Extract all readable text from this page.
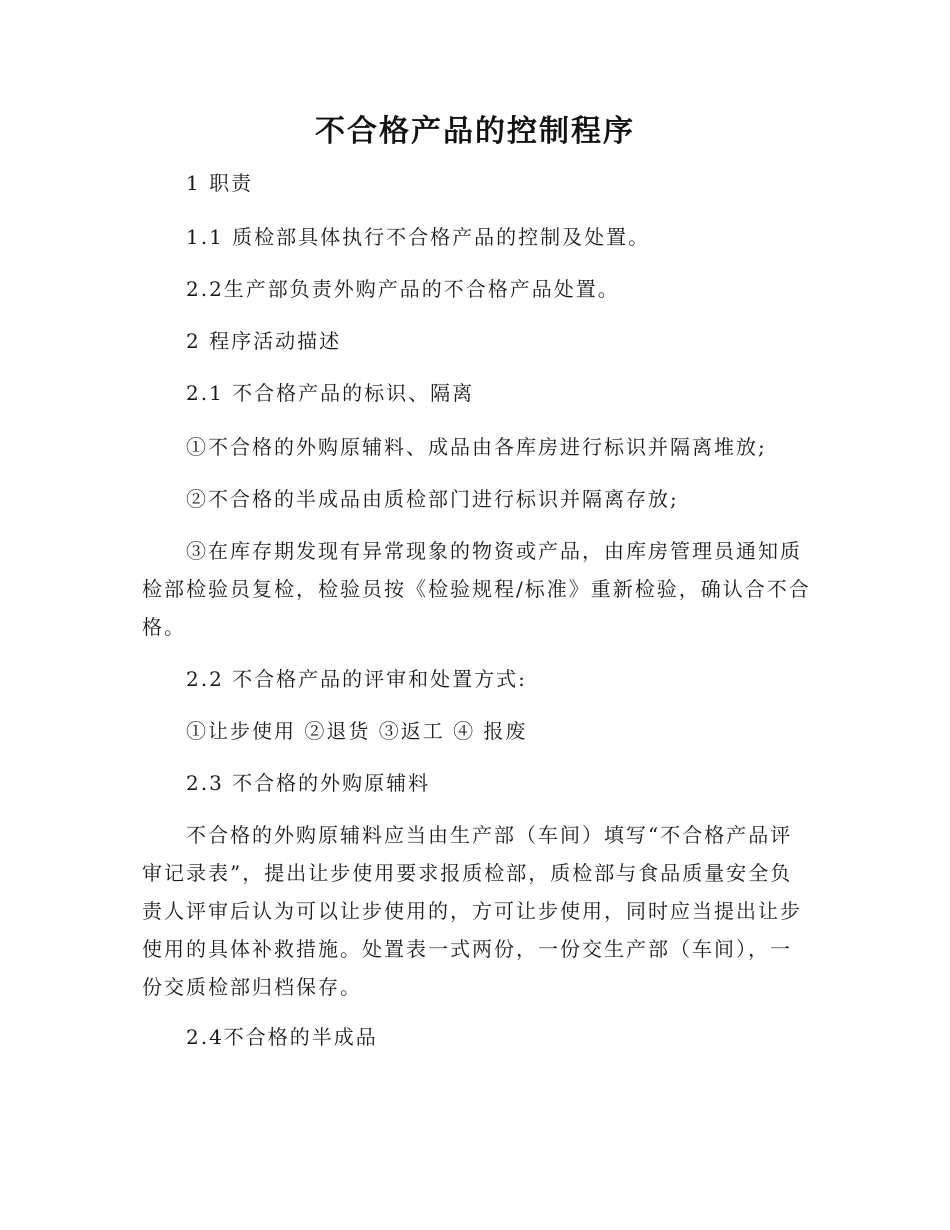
不合格产品的控制程序

1 职责

1.1 质检部具体执行不合格产品的控制及处置。

2.2生产部负责外购产品的不合格产品处置。

2 程序活动描述

2.1 不合格产品的标识、隔离

①不合格的外购原辅料、成品由各库房进行标识并隔离堆放;

②不合格的半成品由质检部门进行标识并隔离存放;

③在库存期发现有异常现象的物资或产品，由库房管理员通知质

检部检验员复检，检验员按《检验规程/标准》重新检验，确认合不合

格。

2.2 不合格产品的评审和处置方式:

①让步使用 ②退货 ③返工 ④ 报废

2.3 不合格的外购原辅料

不合格的外购原辅料应当由生产部（车间）填写“不合格产品评

审记录表”，提出让步使用要求报质检部，质检部与食品质量安全负

责人评审后认为可以让步使用的，方可让步使用，同时应当提出让步

使用的具体补救措施。处置表一式两份，一份交生产部（车间），一

份交质检部归档保存。

2.4不合格的半成品
